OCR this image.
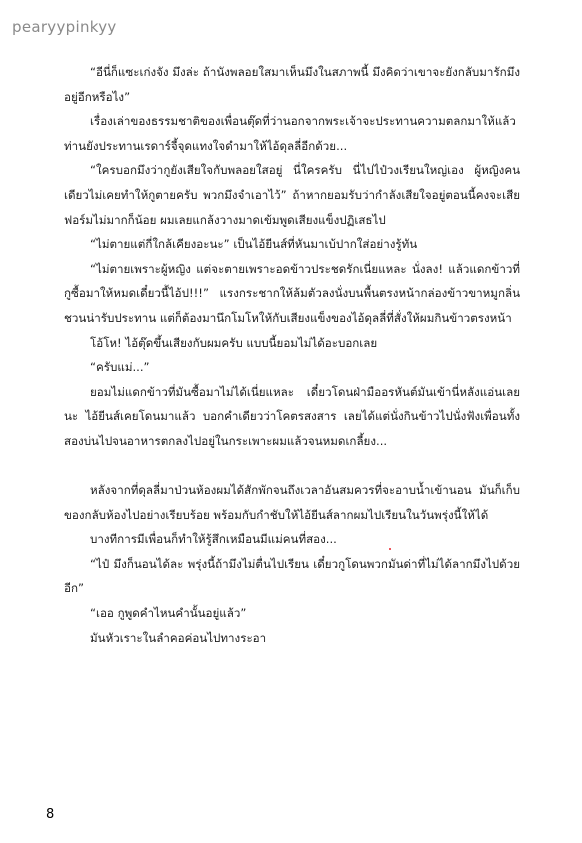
pearyypinkyy

“อีนี่ก็แซะเก่งจัง มึงล่ะ ถ้านังพลอยใสมาเห็นมึงในสภาพนี้ มึงคิดว่าเขาจะยังกลับมารักมึงอยู่อีกหรือไง”

เรื่องเล่าของธรรมชาติของเพื่อนตุ๊ดที่ว่านอกจากพระเจ้าจะประทานความตลกมาให้แล้ว ท่านยังประทานเรดาร์จี้จุดแทงใจดำมาให้ไอ้ดุลลี่อีกด้วย...

“ใครบอกมึงว่ากูยังเสียใจกับพลอยใสอยู่ นี่ใครครับ นี่ไปไป๋วงเรียนใหญ่เอง ผู้หญิงคนเดียวไม่เคยทำให้กูตายครับ พวกมึงจำเอาไว้” ถ้าหากยอมรับว่ากำลังเสียใจอยู่ตอนนี้คงจะเสียฟอร์มไม่มากก็น้อย ผมเลยแกล้งวางมาดเข้มพูดเสียงแข็งปฏิเสธไป

“ไม่ตายแต่กี่ใกล้เคียงอะนะ” เป็นไอ้ยีนส์ที่หันมาเบ้ปากใส่อย่างรู้ทัน

“ไม่ตายเพราะผู้หญิง แต่จะตายเพราะอดข้าวประชดรักเนี่ยแหละ นั่งลง! แล้วแดกข้าวที่กูซื้อมาให้หมดเดี๋ยวนี้ไอ้ป!!!” แรงกระชากให้ล้มตัวลงนั่งบนพื้นตรงหน้ากล่องข้าวขาหมูกลิ่นชวนน่ารับประทาน แต่ก็ต้องมานึกโมโหให้กับเสียงแข็งของไอ้ดุลลี่ที่สั่งให้ผมกินข้าวตรงหน้า

โอ้โห! ไอ้ตุ๊ดขึ้นเสียงกับผมครับ แบบนี้ยอมไม่ได้อะบอกเลย

“ครับแม่...”

ยอมไม่แดกข้าวที่มันซื้อมาไม่ได้เนี่ยแหละ เดี๋ยวโดนฝ่ามืออรหันต์มันเข้านี่หลังแอ่นเลยนะ ไอ้ยีนส์เคยโดนมาแล้ว บอกคำเดียวว่าโคตรสงสาร เลยได้แต่นั่งกินข้าวไปนั่งฟังเพื่อนทั้งสองบ่นไปจนอาหารตกลงไปอยู่ในกระเพาะผมแล้วจนหมดเกลี้ยง...

หลังจากที่ดุลลี่มาป่วนห้องผมได้สักพักจนถึงเวลาอันสมควรที่จะอาบน้ำเข้านอน มันก็เก็บของกลับห้องไปอย่างเรียบร้อย พร้อมกับกำชับให้ไอ้ยีนส์ลากผมไปเรียนในวันพรุ่งนี้ให้ได้

บางทีการมีเพื่อนก็ทำให้รู้สึกเหมือนมีแม่คนที่สอง...

“ไป๋ มึงก็นอนได้ละ พรุ่งนี้ถ้ามึงไม่ตื่นไปเรียน เดี๋ยวกูโดนพวกมันด่าที่ไม่ได้ลากมึงไปด้วยอีก”

“เออ กูพูดคำไหนคำนั้นอยู่แล้ว”

มันหัวเราะในลำคอค่อนไปทางระอา

8
